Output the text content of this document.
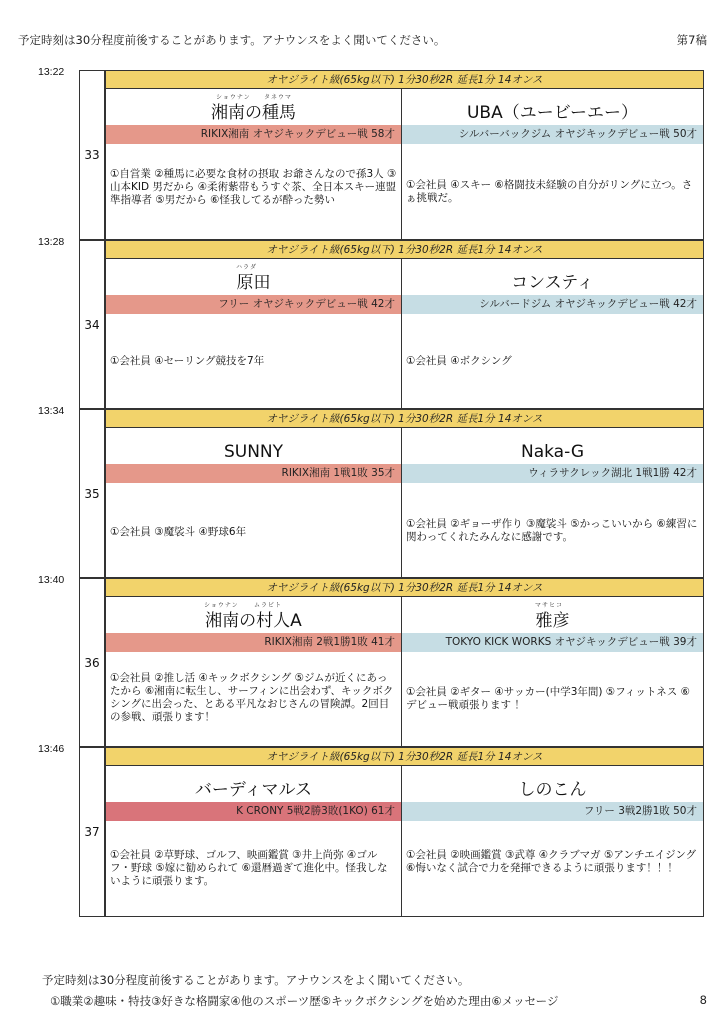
予定時刻は30分程度前後することがあります。アナウンスをよく聞いてください。	第7稿
13:22
33
オヤジライト級(65kg以下) 1分30秒2R 延長1分 14オンス
ショウナン タネウマ
湘南の種馬
RIKIX湘南 オヤジキックデビュー戦 58才
①自営業 ②種馬に必要な食材の摂取 お爺さんなので孫3人 ③山本KID 男だから ④柔術紫帯もうすぐ茶、全日本スキー連盟準指導者 ⑤男だから ⑥怪我してるが酔った勢い
UBA（ユービーエー）
シルバーバックジム オヤジキックデビュー戦 50才
①会社員 ④スキー ⑥格闘技未経験の自分がリングに立つ。さぁ挑戦だ。
13:28
34
オヤジライト級(65kg以下) 1分30秒2R 延長1分 14オンス
ハラダ
原田
フリー オヤジキックデビュー戦 42才
①会社員 ④セーリング競技を7年
コンスティ
シルバードジム オヤジキックデビュー戦 42才
①会社員 ④ボクシング
13:34
35
オヤジライト級(65kg以下) 1分30秒2R 延長1分 14オンス
SUNNY
RIKIX湘南 1戦1敗 35才
①会社員 ③魔裟斗 ④野球6年
Naka-G
ウィラサクレック湖北 1戦1勝 42才
①会社員 ②ギョーザ作り ③魔裟斗 ⑤かっこいいから ⑥練習に関わってくれたみんなに感謝です。
13:40
36
オヤジライト級(65kg以下) 1分30秒2R 延長1分 14オンス
ショウナン	ムラビト
湘南の村人A
RIKIX湘南 2戦1勝1敗 41才
①会社員 ②推し活 ④キックボクシング ⑤ジムが近くにあったから ⑥湘南に転生し、サーフィンに出会わず、キックボクシングに出会った、とある平凡なおじさんの冒険譚。2回目の参戦、頑張ります！
マサヒコ
雅彦
TOKYO KICK WORKS オヤジキックデビュー戦 39才
①会社員 ②ギター ④サッカー(中学3年間) ⑤フィットネス ⑥デビュー戦頑張ります ！
13:46
37
オヤジライト級(65kg以下) 1分30秒2R 延長1分 14オンス
バーディマルス
K CRONY 5戦2勝3敗(1KO) 61才
①会社員 ②草野球、ゴルフ、映画鑑賞 ③井上尚弥 ④ゴルフ・野球 ⑤嫁に勧められて ⑥還暦過ぎて進化中。怪我しないように頑張ります。
しのこん
フリー 3戦2勝1敗 50才
①会社員 ②映画鑑賞 ③武尊 ④クラブマガ ⑤アンチエイジング ⑥悔いなく試合で力を発揮できるように頑張ります！！！
予定時刻は30分程度前後することがあります。アナウンスをよく聞いてください。
①職業②趣味・特技③好きな格闘家④他のスポーツ歴⑤キックボクシングを始めた理由⑥メッセージ	8
